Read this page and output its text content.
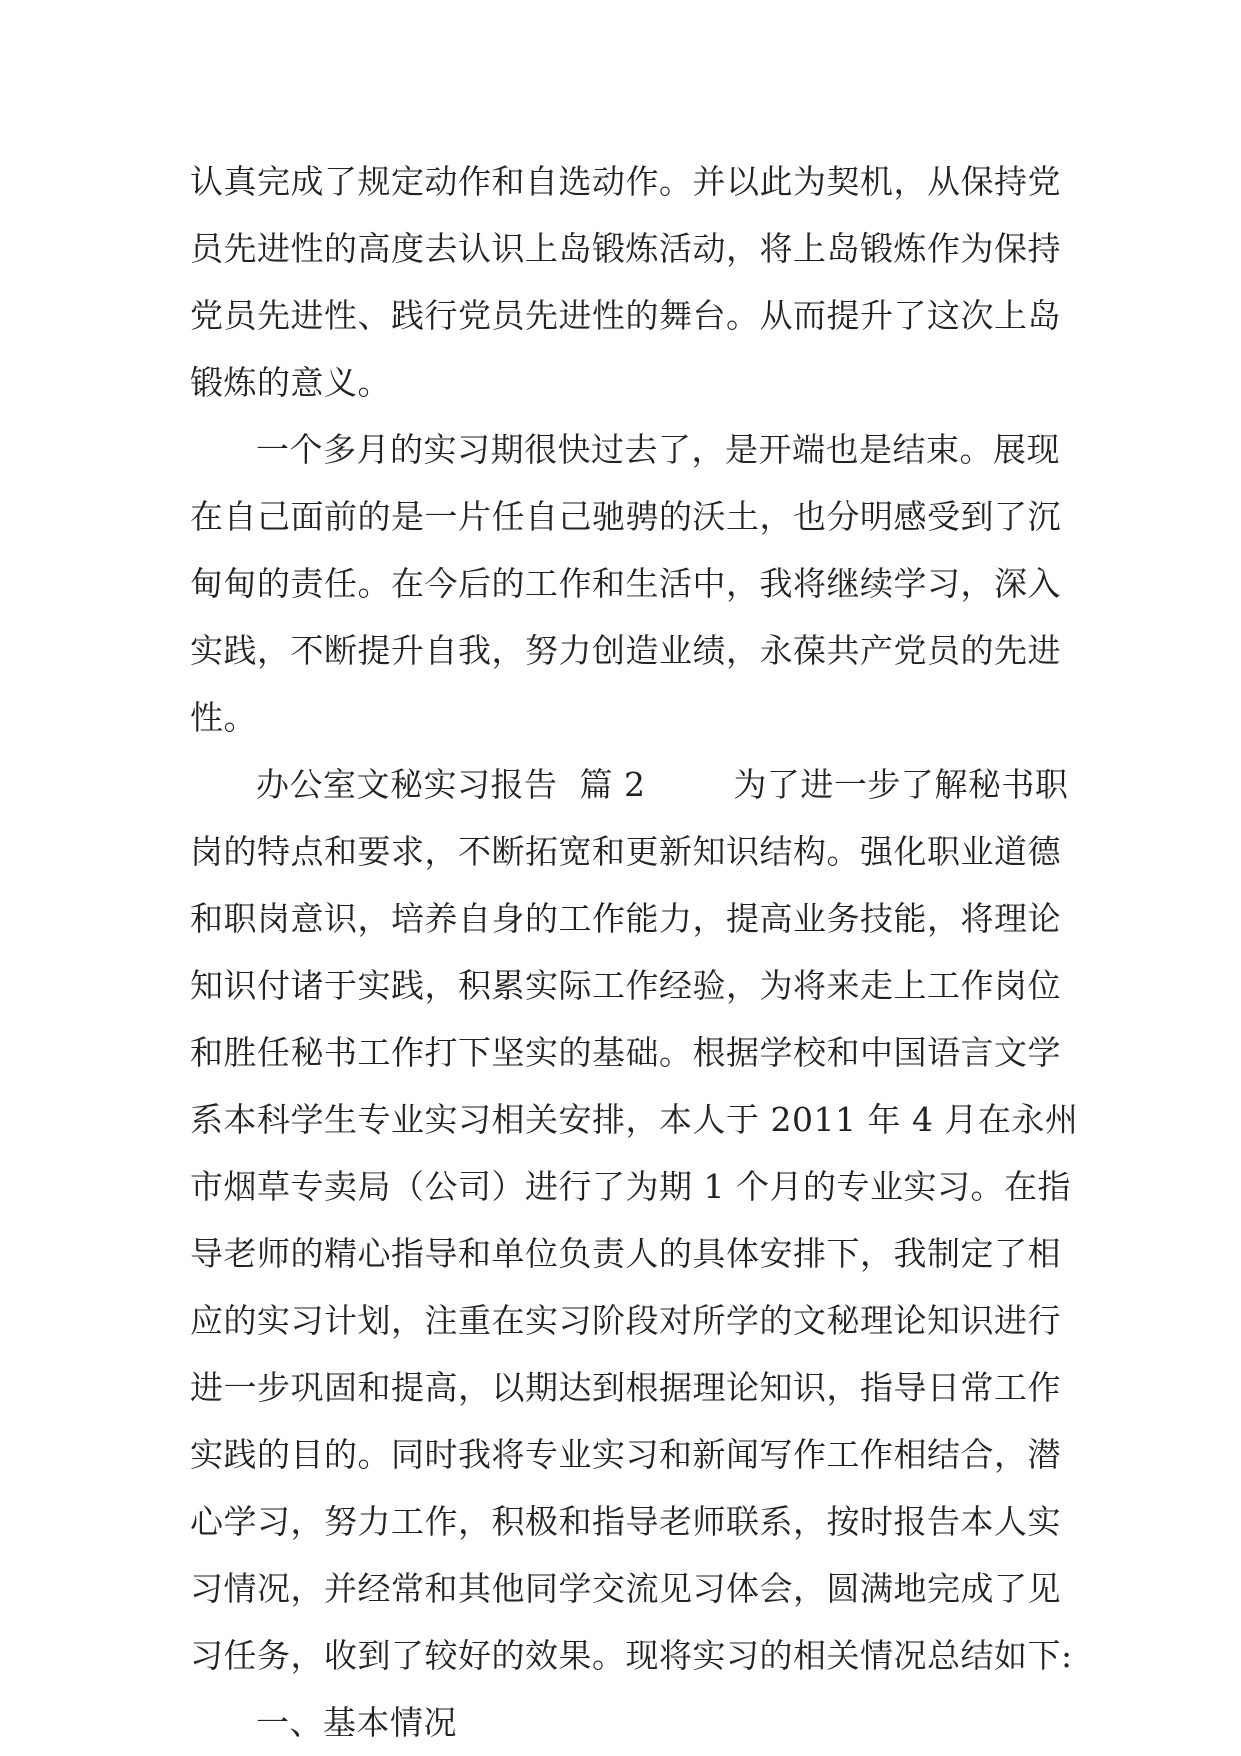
认真完成了规定动作和自选动作。并以此为契机，从保持党
员先进性的高度去认识上岛锻炼活动，将上岛锻炼作为保持
党员先进性、践行党员先进性的舞台。从而提升了这次上岛
锻炼的意义。
一个多月的实习期很快过去了，是开端也是结束。展现
在自己面前的是一片任自己驰骋的沃土，也分明感受到了沉
甸甸的责任。在今后的工作和生活中，我将继续学习，深入
实践，不断提升自我，努力创造业绩，永葆共产党员的先进
性。
办公室文秘实习报告  篇 2        为了进一步了解秘书职
岗的特点和要求，不断拓宽和更新知识结构。强化职业道德
和职岗意识，培养自身的工作能力，提高业务技能，将理论
知识付诸于实践，积累实际工作经验，为将来走上工作岗位
和胜任秘书工作打下坚实的基础。根据学校和中国语言文学
系本科学生专业实习相关安排，本人于 2011 年 4 月在永州
市烟草专卖局（公司）进行了为期 1 个月的专业实习。在指
导老师的精心指导和单位负责人的具体安排下，我制定了相
应的实习计划，注重在实习阶段对所学的文秘理论知识进行
进一步巩固和提高，以期达到根据理论知识，指导日常工作
实践的目的。同时我将专业实习和新闻写作工作相结合，潜
心学习，努力工作，积极和指导老师联系，按时报告本人实
习情况，并经常和其他同学交流见习体会，圆满地完成了见
习任务，收到了较好的效果。现将实习的相关情况总结如下:
一、基本情况
